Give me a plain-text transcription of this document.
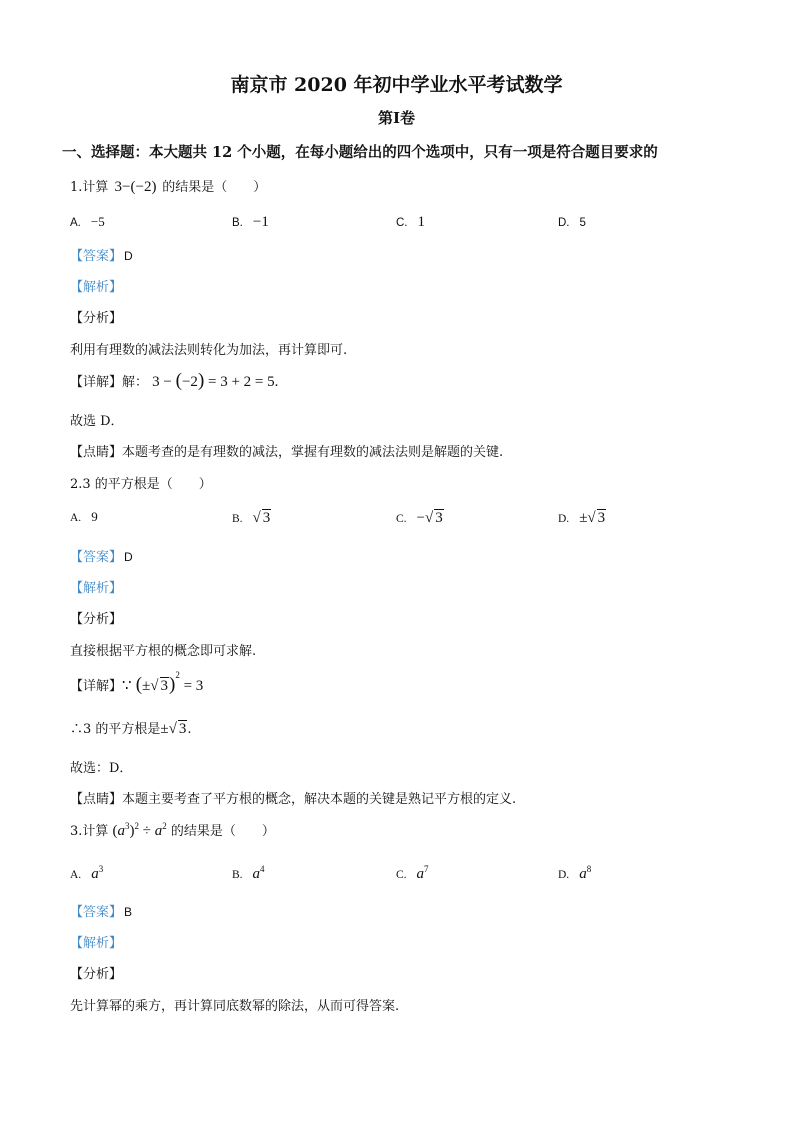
南京市 2020 年初中学业水平考试数学
第Ⅰ卷
一、选择题：本大题共 12 个小题，在每小题给出的四个选项中，只有一项是符合题目要求的
1.计算 3−(−2) 的结果是（　　）
A. −5	B. −1	C. 1	D. 5
【答案】 D
【解析】
【分析】
利用有理数的减法法则转化为加法，再计算即可.
【详解】解： 3 − (−2) = 3 + 2 = 5.
故选 D．
【点睛】本题考查的是有理数的减法，掌握有理数的减法法则是解题的关键.
2.3 的平方根是（　　）
A. 9	B. √ 3	C. −√ 3	D. ±√ 3
【答案】 D
【解析】
【分析】
直接根据平方根的概念即可求解.
【详解】∵ (±√ 3)$^2$ = 3
∴3 的平方根是±√ 3.
故选：D．
【点睛】本题主要考查了平方根的概念，解决本题的关键是熟记平方根的定义.
3.计算 $(a^3)^2 \div a^2$ 的结果是（　　）
A. $a^3$	B. $a^4$	C. $a^7$	D. $a^8$
【答案】 B
【解析】
【分析】
先计算幂的乘方，再计算同底数幂的除法，从而可得答案.
